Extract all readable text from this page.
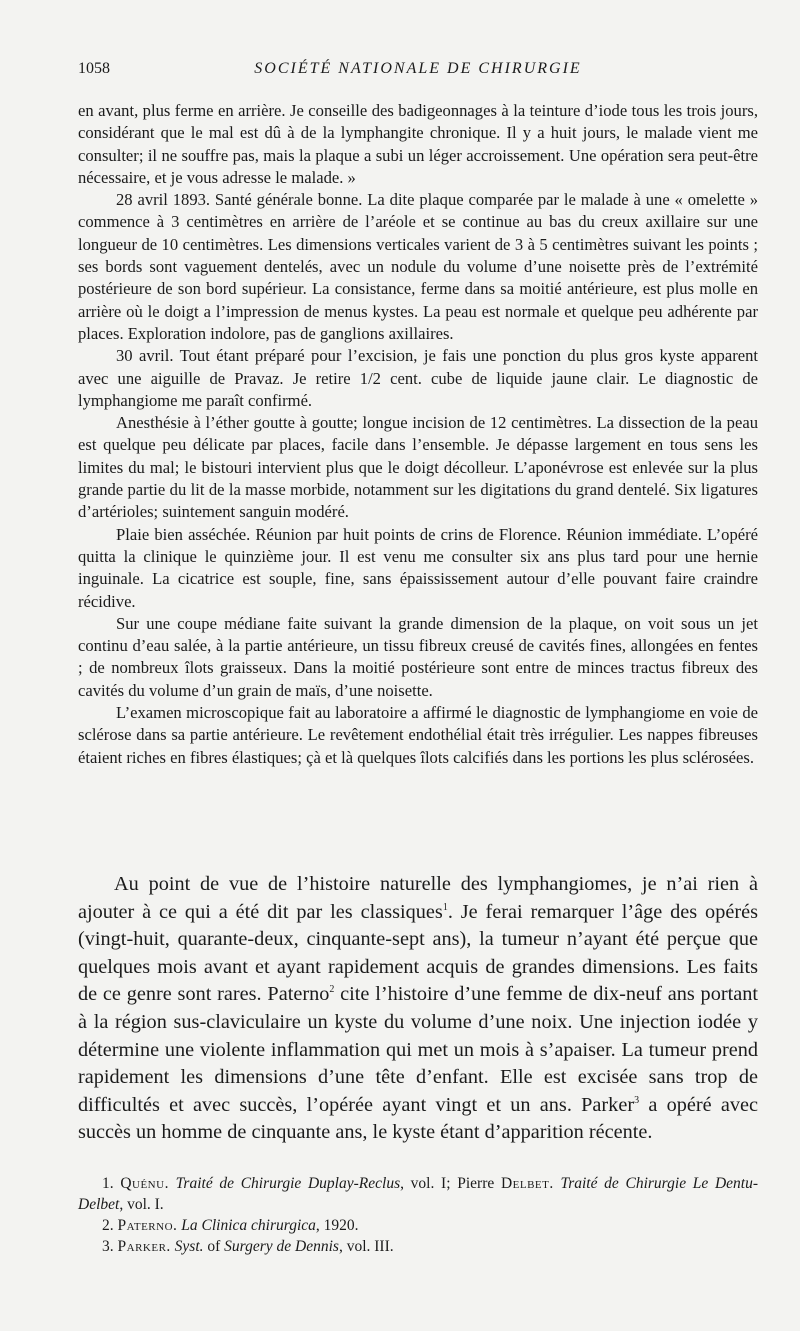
1058	SOCIÉTÉ NATIONALE DE CHIRURGIE

en avant, plus ferme en arrière. Je conseille des badigeonnages à la teinture d’iode tous les trois jours, considérant que le mal est dû à de la lymphangite chronique. Il y a huit jours, le malade vient me consulter; il ne souffre pas, mais la plaque a subi un léger accroissement. Une opération sera peut-être nécessaire, et je vous adresse le malade. »

28 avril 1893. Santé générale bonne. La dite plaque comparée par le malade à une « omelette » commence à 3 centimètres en arrière de l’aréole et se continue au bas du creux axillaire sur une longueur de 10 centimètres. Les dimensions verticales varient de 3 à 5 centimètres suivant les points ; ses bords sont vaguement dentelés, avec un nodule du volume d’une noisette près de l’extrémité postérieure de son bord supérieur. La consistance, ferme dans sa moitié antérieure, est plus molle en arrière où le doigt a l’impression de menus kystes. La peau est normale et quelque peu adhérente par places. Exploration indolore, pas de ganglions axillaires.

30 avril. Tout étant préparé pour l’excision, je fais une ponction du plus gros kyste apparent avec une aiguille de Pravaz. Je retire 1/2 cent. cube de liquide jaune clair. Le diagnostic de lymphangiome me paraît confirmé.

Anesthésie à l’éther goutte à goutte; longue incision de 12 centimètres. La dissection de la peau est quelque peu délicate par places, facile dans l’ensemble. Je dépasse largement en tous sens les limites du mal; le bistouri intervient plus que le doigt décolleur. L’aponévrose est enlevée sur la plus grande partie du lit de la masse morbide, notamment sur les digitations du grand dentelé. Six ligatures d’artérioles; suintement sanguin modéré.

Plaie bien asséchée. Réunion par huit points de crins de Florence. Réunion immédiate. L’opéré quitta la clinique le quinzième jour. Il est venu me consulter six ans plus tard pour une hernie inguinale. La cicatrice est souple, fine, sans épaississement autour d’elle pouvant faire craindre récidive.

Sur une coupe médiane faite suivant la grande dimension de la plaque, on voit sous un jet continu d’eau salée, à la partie antérieure, un tissu fibreux creusé de cavités fines, allongées en fentes ; de nombreux îlots graisseux. Dans la moitié postérieure sont entre de minces tractus fibreux des cavités du volume d’un grain de maïs, d’une noisette.

L’examen microscopique fait au laboratoire a affirmé le diagnostic de lymphangiome en voie de sclérose dans sa partie antérieure. Le revêtement endothélial était très irrégulier. Les nappes fibreuses étaient riches en fibres élastiques; çà et là quelques îlots calcifiés dans les portions les plus sclérosées.

Au point de vue de l’histoire naturelle des lymphangiomes, je n’ai rien à ajouter à ce qui a été dit par les classiques$^1$. Je ferai remarquer l’âge des opérés (vingt-huit, quarante-deux, cinquante-sept ans), la tumeur n’ayant été perçue que quelques mois avant et ayant rapidement acquis de grandes dimensions. Les faits de ce genre sont rares. Paterno$^2$ cite l’histoire d’une femme de dix-neuf ans portant à la région sus-claviculaire un kyste du volume d’une noix. Une injection iodée y détermine une violente inflammation qui met un mois à s’apaiser. La tumeur prend rapidement les dimensions d’une tête d’enfant. Elle est excisée sans trop de difficultés et avec succès, l’opérée ayant vingt et un ans. Parker$^3$ a opéré avec succès un homme de cinquante ans, le kyste étant d’apparition récente.

1. Quénu. Traité de Chirurgie Duplay-Reclus, vol. I; Pierre Delbet. Traité de Chirurgie Le Dentu-Delbet, vol. I.

2. Paterno. La Clinica chirurgica, 1920.

3. Parker. Syst. of Surgery de Dennis, vol. III.
